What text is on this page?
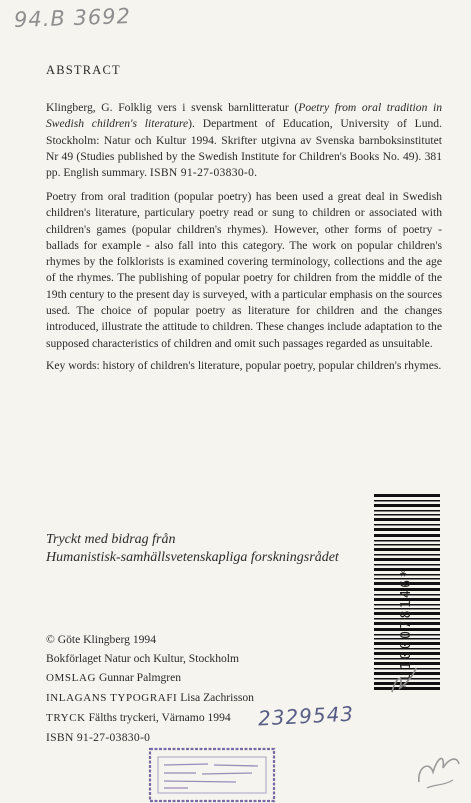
94.B 3692
ABSTRACT
Klingberg, G. Folklig vers i svensk barnlitteratur (Poetry from oral tradition in Swedish children's literature). Department of Education, University of Lund. Stockholm: Natur och Kultur 1994. Skrifter utgivna av Svenska barnboksinstitutet Nr 49 (Studies published by the Swedish Institute for Children's Books No. 49). 381 pp. English summary. ISBN 91-27-03830-0.
Poetry from oral tradition (popular poetry) has been used a great deal in Swedish children's literature, particulary poetry read or sung to children or associated with children's games (popular children's rhymes). However, other forms of poetry - ballads for example - also fall into this category. The work on popular children's rhymes by the folklorists is examined covering terminology, collections and the age of the rhymes. The publishing of popular poetry for children from the middle of the 19th century to the present day is surveyed, with a particular emphasis on the sources used. The choice of popular poetry as literature for children and the changes introduced, illustrate the attitude to children. These changes include adaptation to the supposed characteristics of children and omit such passages regarded as unsuitable.
Key words: history of children's literature, popular poetry, popular children's rhymes.
*U100078146*
Tryckt med bidrag från
Humanistisk-samhällsvetenskapliga forskningsrådet
© Göte Klingberg 1994
Bokförlaget Natur och Kultur, Stockholm
OMSLAG Gunnar Palmgren
INLAGANS TYPOGRAFI Lisa Zachrisson
TRYCK Fälths tryckeri, Värnamo 1994
ISBN 91-27-03830-0
2329543
